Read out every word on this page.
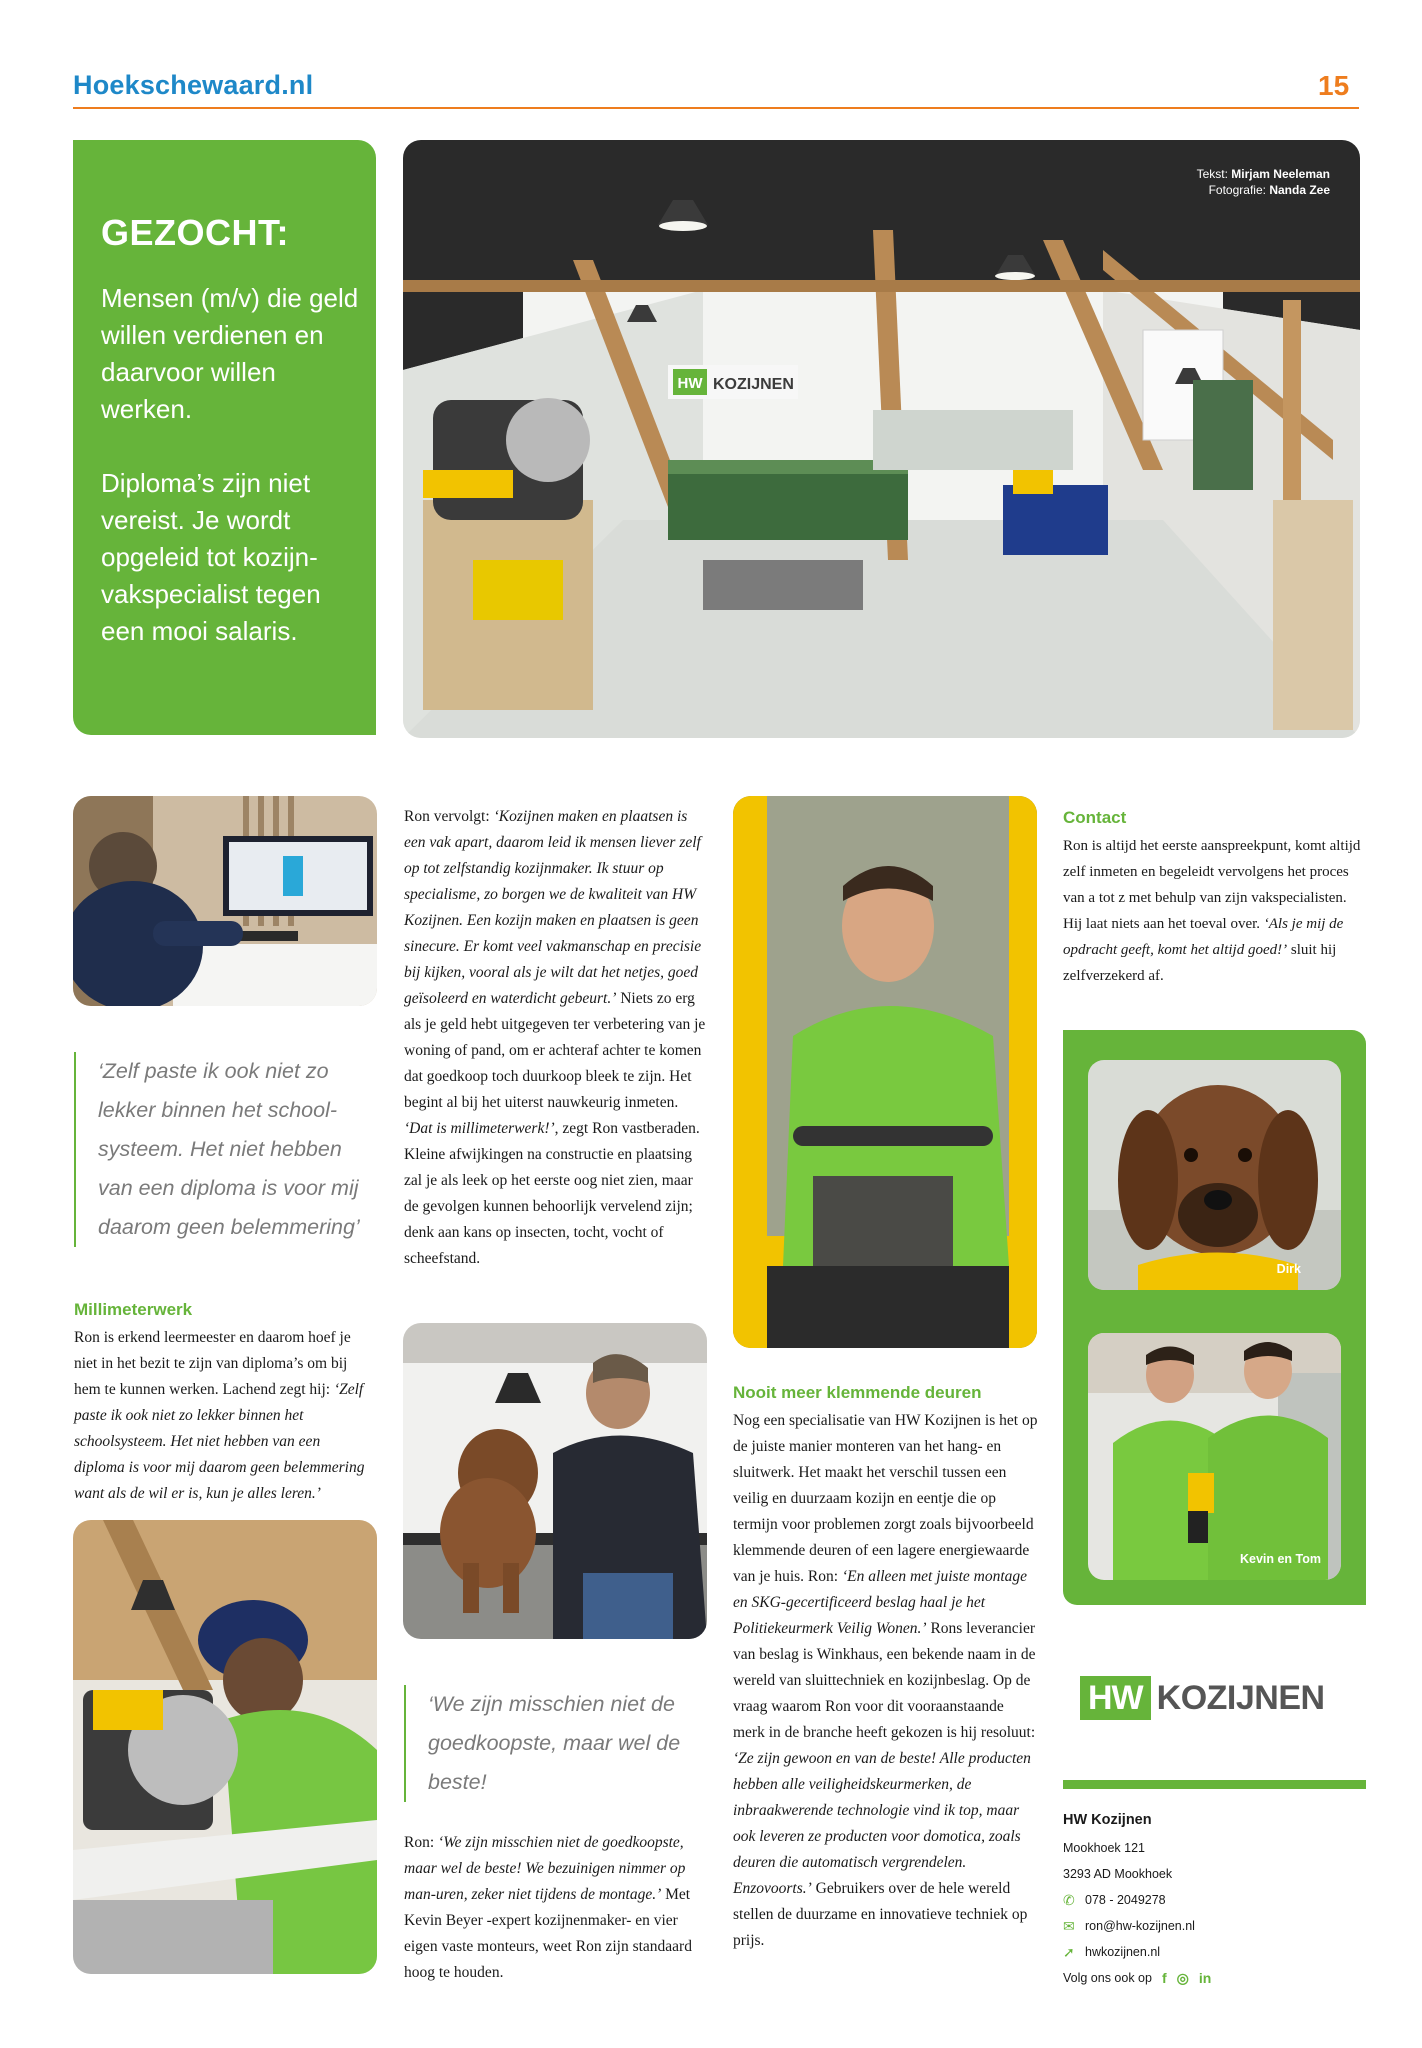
Hoeksche​waard.nl	15
GEZOCHT:

Mensen (m/v) die geld willen verdienen en daarvoor willen werken.

Diploma’s zijn niet vereist. Je wordt opgeleid tot kozijn-vakspecialist tegen een mooi salaris.

HW KOZIJNEN
Tekst: Mirjam Neeleman
Fotografie: Nanda Zee
‘Zelf paste ik ook niet zo lekker binnen het school-systeem. Het niet hebben van een diploma is voor mij daarom geen belemmering’
Millimeterwerk
Ron is erkend leermeester en daarom hoef je niet in het bezit te zijn van diploma’s om bij hem te kunnen werken. Lachend zegt hij: ‘Zelf paste ik ook niet zo lekker binnen het schoolsysteem. Het niet hebben van een diploma is voor mij daarom geen belemmering want als de wil er is, kun je alles leren.’
Ron vervolgt: ‘Kozijnen maken en plaatsen is een vak apart, daarom leid ik mensen liever zelf op tot zelfstandig kozijnmaker. Ik stuur op specialisme, zo borgen we de kwaliteit van HW Kozijnen. Een kozijn maken en plaatsen is geen sinecure. Er komt veel vakmanschap en precisie bij kijken, vooral als je wilt dat het netjes, goed geïsoleerd en waterdicht gebeurt.’ Niets zo erg als je geld hebt uitgegeven ter verbetering van je woning of pand, om er achteraf achter te komen dat goedkoop toch duurkoop bleek te zijn. Het begint al bij het uiterst nauwkeurig inmeten. ‘Dat is millimeterwerk!’, zegt Ron vastberaden. Kleine afwijkingen na constructie en plaatsing zal je als leek op het eerste oog niet zien, maar de gevolgen kunnen behoorlijk vervelend zijn; denk aan kans op insecten, tocht, vocht of scheefstand.
‘We zijn misschien niet de goedkoopste, maar wel de beste!
Ron: ‘We zijn misschien niet de goedkoopste, maar wel de beste! We bezuinigen nimmer op man-uren, zeker niet tijdens de montage.’ Met Kevin Beyer -expert kozijnenmaker- en vier eigen vaste monteurs, weet Ron zijn standaard hoog te houden.
Nooit meer klemmende deuren
Nog een specialisatie van HW Kozijnen is het op de juiste manier monteren van het hang- en sluitwerk. Het maakt het verschil tussen een veilig en duurzaam kozijn en eentje die op termijn voor problemen zorgt zoals bijvoorbeeld klemmende deuren of een lagere energiewaarde van je huis. Ron: ‘En alleen met juiste montage en SKG-gecertificeerd beslag haal je het Politiekeurmerk Veilig Wonen.’ Rons leverancier van beslag is Winkhaus, een bekende naam in de wereld van sluittechniek en kozijnbeslag. Op de vraag waarom Ron voor dit vooraanstaande merk in de branche heeft gekozen is hij resoluut: ‘Ze zijn gewoon en van de beste! Alle producten hebben alle veiligheidskeurmerken, de inbraakwerende technologie vind ik top, maar ook leveren ze producten voor domotica, zoals deuren die automatisch vergrendelen. Enzovoorts.’ Gebruikers over de hele wereld stellen de duurzame en innovatieve techniek op prijs.
Contact
Ron is altijd het eerste aanspreekpunt, komt altijd zelf inmeten en begeleidt vervolgens het proces van a tot z met behulp van zijn vakspecialisten. Hij laat niets aan het toeval over. ‘Als je mij de opdracht geeft, komt het altijd goed!’ sluit hij zelfverzekerd af.
Dirk
Kevin en Tom
HW KOZIJNEN
HW Kozijnen
Mookhoek 121
3293 AD Mookhoek
✆ 078 - 2049278
✉ ron@hw-kozijnen.nl
➚ hwkozijnen.nl
Volg ons ook op f ◎ in
